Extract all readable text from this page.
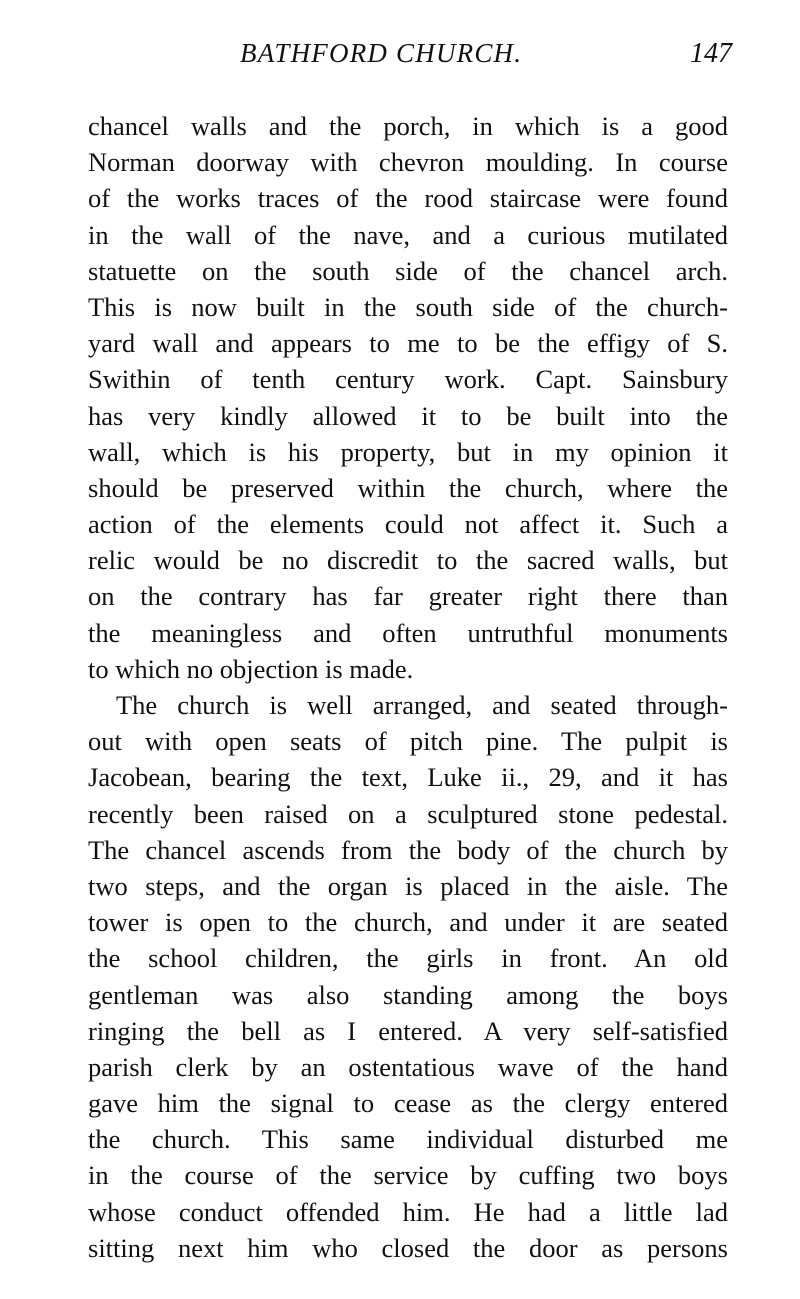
BATHFORD CHURCH.	147
chancel walls and the porch, in which is a good
Norman doorway with chevron moulding. In course
of the works traces of the rood staircase were found
in the wall of the nave, and a curious mutilated
statuette on the south side of the chancel arch.
This is now built in the south side of the church-
yard wall and appears to me to be the effigy of S.
Swithin of tenth century work. Capt. Sainsbury
has very kindly allowed it to be built into the
wall, which is his property, but in my opinion it
should be preserved within the church, where the
action of the elements could not affect it. Such a
relic would be no discredit to the sacred walls, but
on the contrary has far greater right there than
the meaningless and often untruthful monuments
to which no objection is made.
The church is well arranged, and seated through-
out with open seats of pitch pine. The pulpit is
Jacobean, bearing the text, Luke ii., 29, and it has
recently been raised on a sculptured stone pedestal.
The chancel ascends from the body of the church by
two steps, and the organ is placed in the aisle. The
tower is open to the church, and under it are seated
the school children, the girls in front. An old
gentleman was also standing among the boys
ringing the bell as I entered. A very self-satisfied
parish clerk by an ostentatious wave of the hand
gave him the signal to cease as the clergy entered
the church. This same individual disturbed me
in the course of the service by cuffing two boys
whose conduct offended him. He had a little lad
sitting next him who closed the door as persons
